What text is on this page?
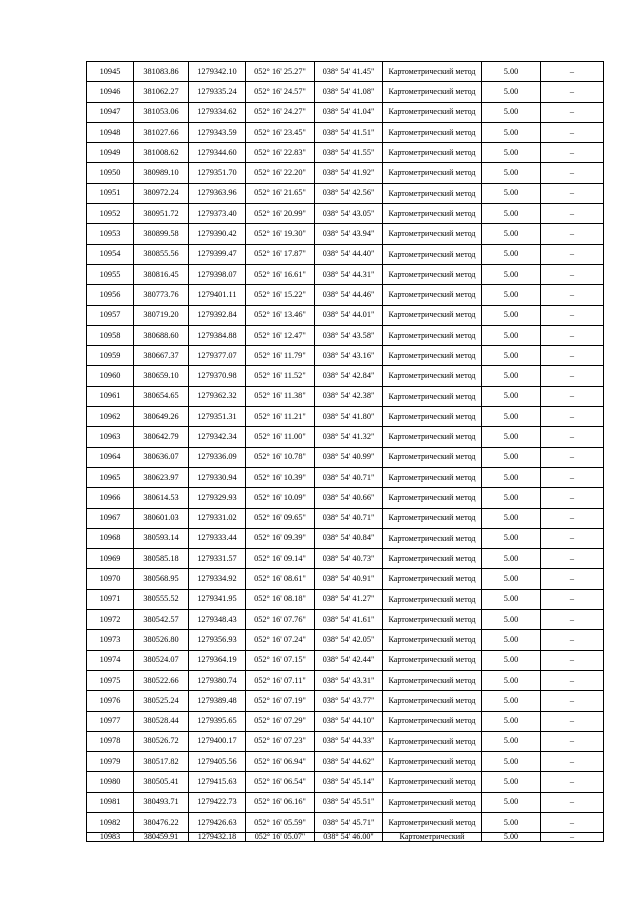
10945	381083.86	1279342.10	052° 16' 25.27"	038° 54' 41.45"	Картометрический метод	5.00	–
10946	381062.27	1279335.24	052° 16' 24.57"	038° 54' 41.08"	Картометрический метод	5.00	–
10947	381053.06	1279334.62	052° 16' 24.27"	038° 54' 41.04"	Картометрический метод	5.00	–
10948	381027.66	1279343.59	052° 16' 23.45"	038° 54' 41.51"	Картометрический метод	5.00	–
10949	381008.62	1279344.60	052° 16' 22.83"	038° 54' 41.55"	Картометрический метод	5.00	–
10950	380989.10	1279351.70	052° 16' 22.20"	038° 54' 41.92"	Картометрический метод	5.00	–
10951	380972.24	1279363.96	052° 16' 21.65"	038° 54' 42.56"	Картометрический метод	5.00	–
10952	380951.72	1279373.40	052° 16' 20.99"	038° 54' 43.05"	Картометрический метод	5.00	–
10953	380899.58	1279390.42	052° 16' 19.30"	038° 54' 43.94"	Картометрический метод	5.00	–
10954	380855.56	1279399.47	052° 16' 17.87"	038° 54' 44.40"	Картометрический метод	5.00	–
10955	380816.45	1279398.07	052° 16' 16.61"	038° 54' 44.31"	Картометрический метод	5.00	–
10956	380773.76	1279401.11	052° 16' 15.22"	038° 54' 44.46"	Картометрический метод	5.00	–
10957	380719.20	1279392.84	052° 16' 13.46"	038° 54' 44.01"	Картометрический метод	5.00	–
10958	380688.60	1279384.88	052° 16' 12.47"	038° 54' 43.58"	Картометрический метод	5.00	–
10959	380667.37	1279377.07	052° 16' 11.79"	038° 54' 43.16"	Картометрический метод	5.00	–
10960	380659.10	1279370.98	052° 16' 11.52"	038° 54' 42.84"	Картометрический метод	5.00	–
10961	380654.65	1279362.32	052° 16' 11.38"	038° 54' 42.38"	Картометрический метод	5.00	–
10962	380649.26	1279351.31	052° 16' 11.21"	038° 54' 41.80"	Картометрический метод	5.00	–
10963	380642.79	1279342.34	052° 16' 11.00"	038° 54' 41.32"	Картометрический метод	5.00	–
10964	380636.07	1279336.09	052° 16' 10.78"	038° 54' 40.99"	Картометрический метод	5.00	–
10965	380623.97	1279330.94	052° 16' 10.39"	038° 54' 40.71"	Картометрический метод	5.00	–
10966	380614.53	1279329.93	052° 16' 10.09"	038° 54' 40.66"	Картометрический метод	5.00	–
10967	380601.03	1279331.02	052° 16' 09.65"	038° 54' 40.71"	Картометрический метод	5.00	–
10968	380593.14	1279333.44	052° 16' 09.39"	038° 54' 40.84"	Картометрический метод	5.00	–
10969	380585.18	1279331.57	052° 16' 09.14"	038° 54' 40.73"	Картометрический метод	5.00	–
10970	380568.95	1279334.92	052° 16' 08.61"	038° 54' 40.91"	Картометрический метод	5.00	–
10971	380555.52	1279341.95	052° 16' 08.18"	038° 54' 41.27"	Картометрический метод	5.00	–
10972	380542.57	1279348.43	052° 16' 07.76"	038° 54' 41.61"	Картометрический метод	5.00	–
10973	380526.80	1279356.93	052° 16' 07.24"	038° 54' 42.05"	Картометрический метод	5.00	–
10974	380524.07	1279364.19	052° 16' 07.15"	038° 54' 42.44"	Картометрический метод	5.00	–
10975	380522.66	1279380.74	052° 16' 07.11"	038° 54' 43.31"	Картометрический метод	5.00	–
10976	380525.24	1279389.48	052° 16' 07.19"	038° 54' 43.77"	Картометрический метод	5.00	–
10977	380528.44	1279395.65	052° 16' 07.29"	038° 54' 44.10"	Картометрический метод	5.00	–
10978	380526.72	1279400.17	052° 16' 07.23"	038° 54' 44.33"	Картометрический метод	5.00	–
10979	380517.82	1279405.56	052° 16' 06.94"	038° 54' 44.62"	Картометрический метод	5.00	–
10980	380505.41	1279415.63	052° 16' 06.54"	038° 54' 45.14"	Картометрический метод	5.00	–
10981	380493.71	1279422.73	052° 16' 06.16"	038° 54' 45.51"	Картометрический метод	5.00	–
10982	380476.22	1279426.63	052° 16' 05.59"	038° 54' 45.71"	Картометрический метод	5.00	–
10983	380459.91	1279432.18	052° 16' 05.07"	038° 54' 46.00"	Картометрический	5.00	–
